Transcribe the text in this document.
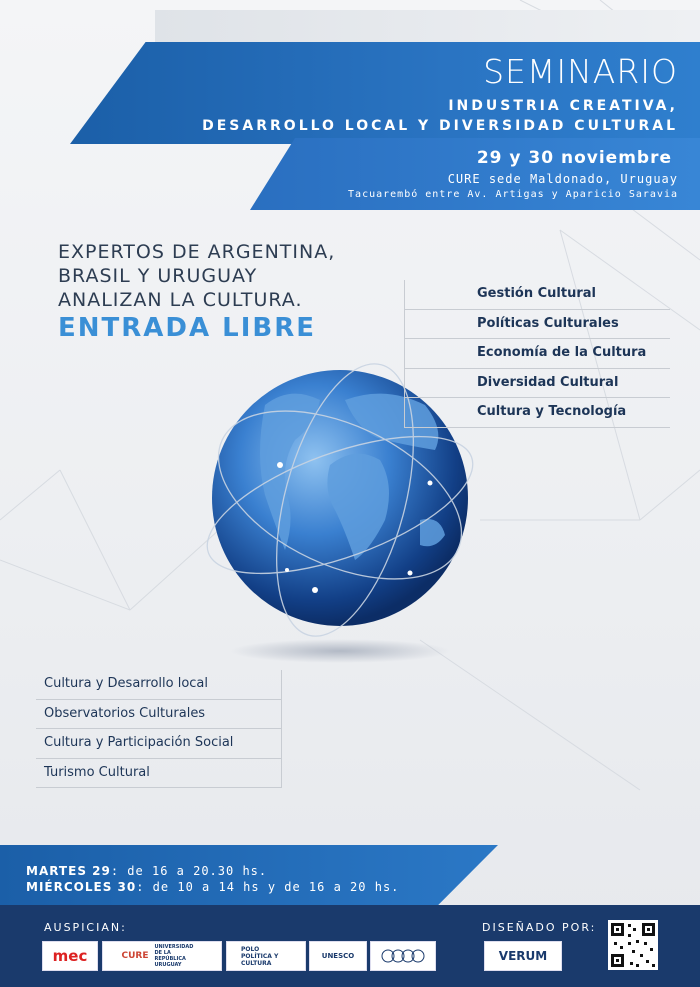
SEMINARIO
INDUSTRIA CREATIVA,
DESARROLLO LOCAL Y DIVERSIDAD CULTURAL
29 y 30 noviembre
CURE sede Maldonado, Uruguay
Tacuarembó entre Av. Artigas y Aparicio Saravia
EXPERTOS DE ARGENTINA,
BRASIL Y URUGUAY
ANALIZAN LA CULTURA.
ENTRADA LIBRE
Gestión Cultural
Políticas Culturales
Economía de la Cultura
Diversidad Cultural
Cultura y Tecnología
Cultura y Desarrollo local
Observatorios Culturales
Cultura y Participación Social
Turismo Cultural
MARTES 29: de 16 a 20.30 hs.
MIÉRCOLES 30: de 10 a 14 hs y de 16 a 20 hs.
AUSPICIAN:	DISEÑADO POR:
mec	CURE
UNIVERSIDAD DE LA REPÚBLICA URUGUAY
POLO POLÍTICA Y CULTURA
UNESCO	VERUM
